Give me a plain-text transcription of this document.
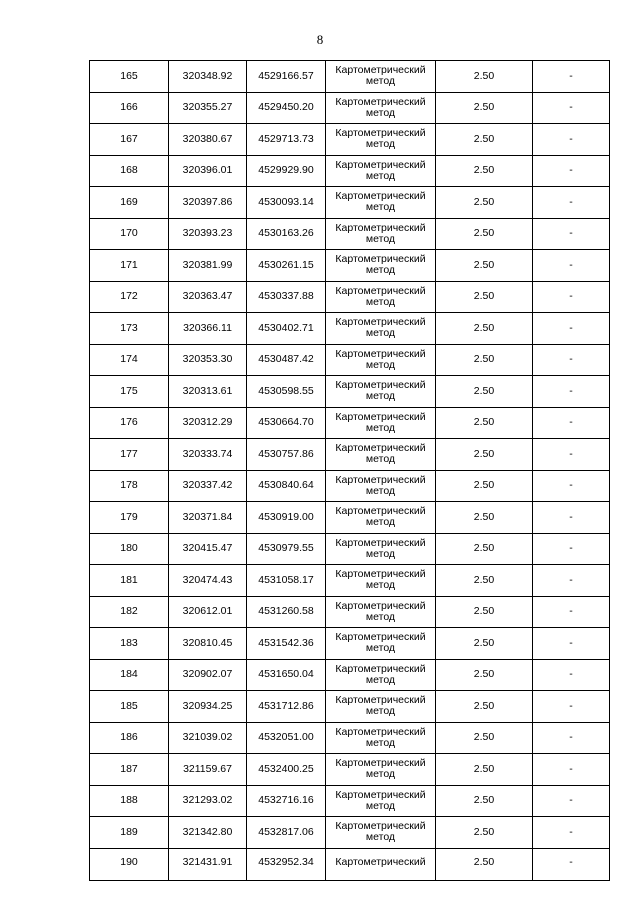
8
165	320348.92	4529166.57	Картометрический метод	2.50	-
166	320355.27	4529450.20	Картометрический метод	2.50	-
167	320380.67	4529713.73	Картометрический метод	2.50	-
168	320396.01	4529929.90	Картометрический метод	2.50	-
169	320397.86	4530093.14	Картометрический метод	2.50	-
170	320393.23	4530163.26	Картометрический метод	2.50	-
171	320381.99	4530261.15	Картометрический метод	2.50	-
172	320363.47	4530337.88	Картометрический метод	2.50	-
173	320366.11	4530402.71	Картометрический метод	2.50	-
174	320353.30	4530487.42	Картометрический метод	2.50	-
175	320313.61	4530598.55	Картометрический метод	2.50	-
176	320312.29	4530664.70	Картометрический метод	2.50	-
177	320333.74	4530757.86	Картометрический метод	2.50	-
178	320337.42	4530840.64	Картометрический метод	2.50	-
179	320371.84	4530919.00	Картометрический метод	2.50	-
180	320415.47	4530979.55	Картометрический метод	2.50	-
181	320474.43	4531058.17	Картометрический метод	2.50	-
182	320612.01	4531260.58	Картометрический метод	2.50	-
183	320810.45	4531542.36	Картометрический метод	2.50	-
184	320902.07	4531650.04	Картометрический метод	2.50	-
185	320934.25	4531712.86	Картометрический метод	2.50	-
186	321039.02	4532051.00	Картометрический метод	2.50	-
187	321159.67	4532400.25	Картометрический метод	2.50	-
188	321293.02	4532716.16	Картометрический метод	2.50	-
189	321342.80	4532817.06	Картометрический метод	2.50	-
190	321431.91	4532952.34	Картометрический	2.50	-
